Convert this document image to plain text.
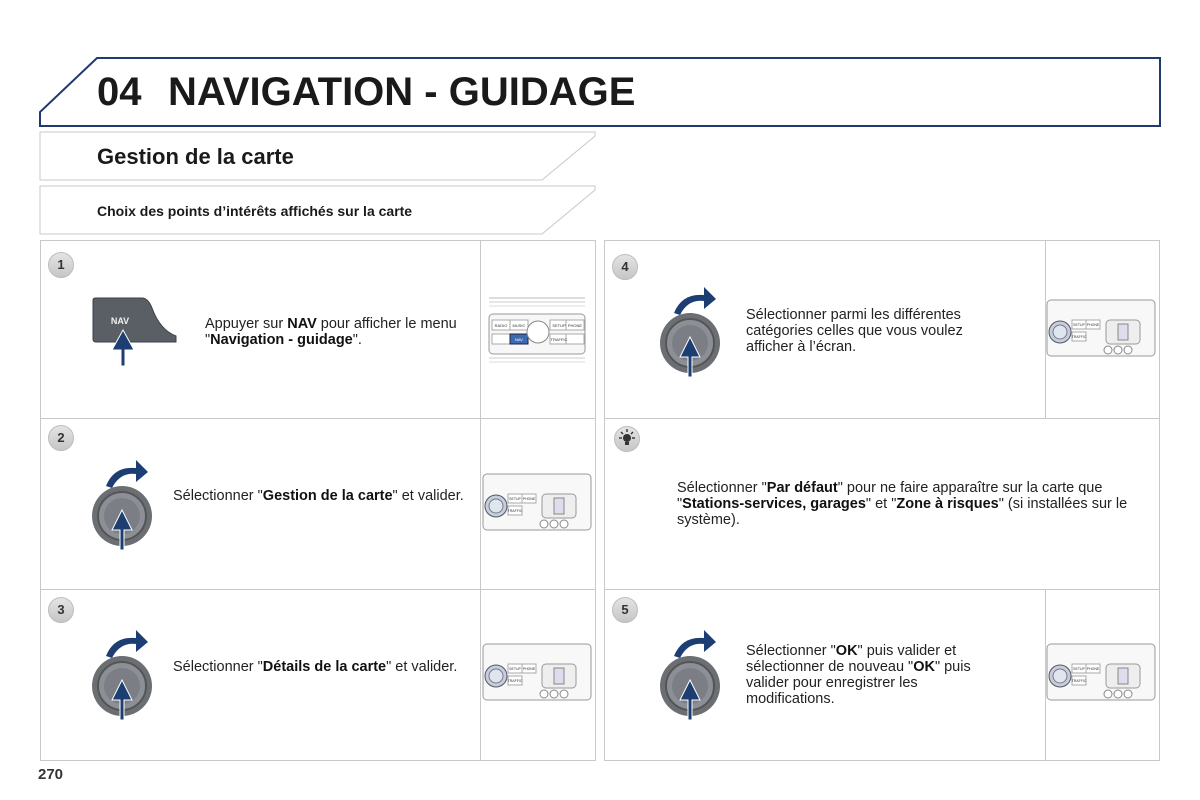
04 NAVIGATION - GUIDAGE
Gestion de la carte
Choix des points d’intérêts affichés sur la carte
1
NAV	Appuyer sur NAV pour afficher le menu "Navigation - guidage".
RADIO MUSIC
NAV
SETUP PHONE
TRAFFIC
2
Sélectionner "Gestion de la carte" et valider.	SETUP PHONE
TRAFFIC
3
Sélectionner "Détails de la carte" et valider.	SETUP PHONE
TRAFFIC
4
Sélectionner parmi les différentes catégories celles que vous voulez afficher à l’écran.
SETUP PHONE
TRAFFIC
Sélectionner "Par défaut" pour ne faire apparaître sur la carte que "Stations-services, garages" et "Zone à risques" (si installées sur le système).
5
Sélectionner "OK" puis valider et sélectionner de nouveau "OK" puis valider pour enregistrer les modifications.
SETUP PHONE
TRAFFIC
270
